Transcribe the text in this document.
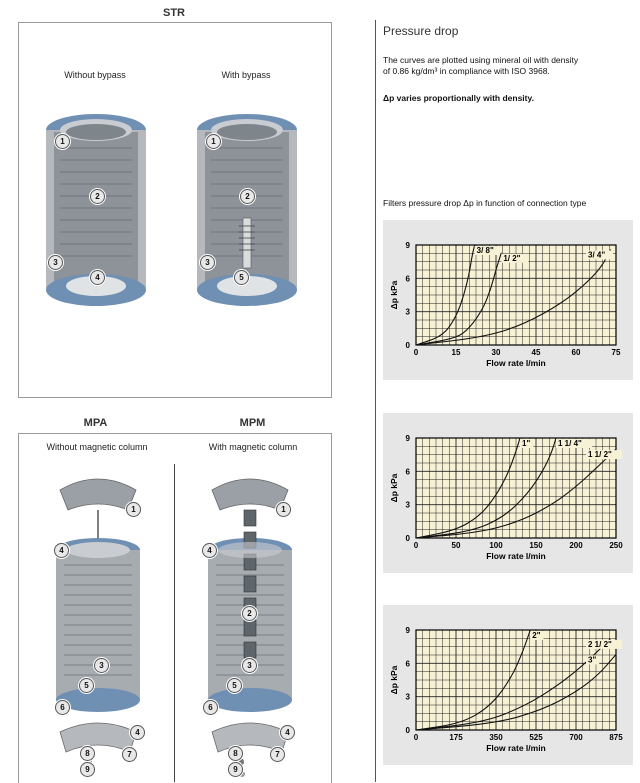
STR
Without bypass	With bypass
1
2
3
4
1
2
3
5
MPA	MPM
Without magnetic column	With magnetic column
1
4
3
5
6
4
7
8
9
1
4
2
3
5
6
4
7
8
9
Pressure drop
The curves are plotted using mineral oil with density
of 0.86 kg/dm³ in compliance with ISO 3968.
Δp varies proportionally with density.
Filters pressure drop Δp in function of connection type
0	15	30	45	60	75
0
3
6
9
Flow rate l/min
Δp kPa
3/ 8"
1/ 2"	3/ 4"
0	50	100	150	200	250
0
3
6
9
Flow rate l/min
Δp kPa
1"	1 1/ 4"
1 1/ 2"
0	175	350	525	700	875
0
3
6
9
Flow rate l/min
Δp kPa
2"
2 1/ 2"
3"
